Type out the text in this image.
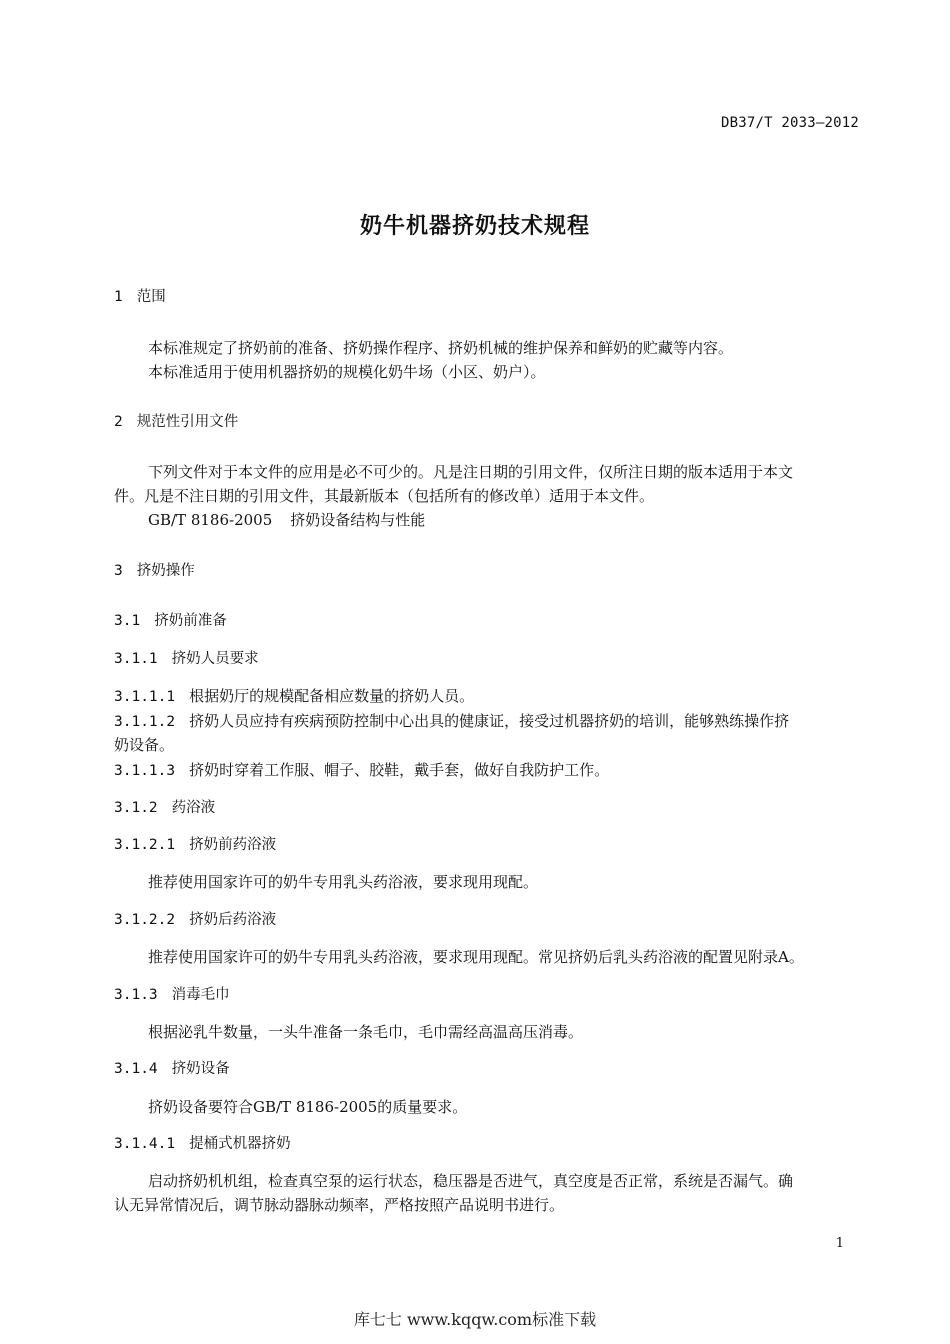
DB37/T 2033—2012
奶牛机器挤奶技术规程
1 范围
本标准规定了挤奶前的准备、挤奶操作程序、挤奶机械的维护保养和鲜奶的贮藏等内容。
本标准适用于使用机器挤奶的规模化奶牛场（小区、奶户）。
2 规范性引用文件
下列文件对于本文件的应用是必不可少的。凡是注日期的引用文件，仅所注日期的版本适用于本文
件。凡是不注日期的引用文件，其最新版本（包括所有的修改单）适用于本文件。
GB/T 8186-2005 挤奶设备结构与性能
3 挤奶操作
3.1 挤奶前准备
3.1.1 挤奶人员要求
3.1.1.1 根据奶厅的规模配备相应数量的挤奶人员。
3.1.1.2 挤奶人员应持有疾病预防控制中心出具的健康证，接受过机器挤奶的培训，能够熟练操作挤
奶设备。
3.1.1.3 挤奶时穿着工作服、帽子、胶鞋，戴手套，做好自我防护工作。
3.1.2 药浴液
3.1.2.1 挤奶前药浴液
推荐使用国家许可的奶牛专用乳头药浴液，要求现用现配。
3.1.2.2 挤奶后药浴液
推荐使用国家许可的奶牛专用乳头药浴液，要求现用现配。常见挤奶后乳头药浴液的配置见附录A。
3.1.3 消毒毛巾
根据泌乳牛数量，一头牛准备一条毛巾，毛巾需经高温高压消毒。
3.1.4 挤奶设备
挤奶设备要符合GB/T 8186-2005的质量要求。
3.1.4.1 提桶式机器挤奶
启动挤奶机机组，检查真空泵的运行状态，稳压器是否进气，真空度是否正常，系统是否漏气。确
认无异常情况后，调节脉动器脉动频率，严格按照产品说明书进行。
1
库七七 www.kqqw.com标准下载
